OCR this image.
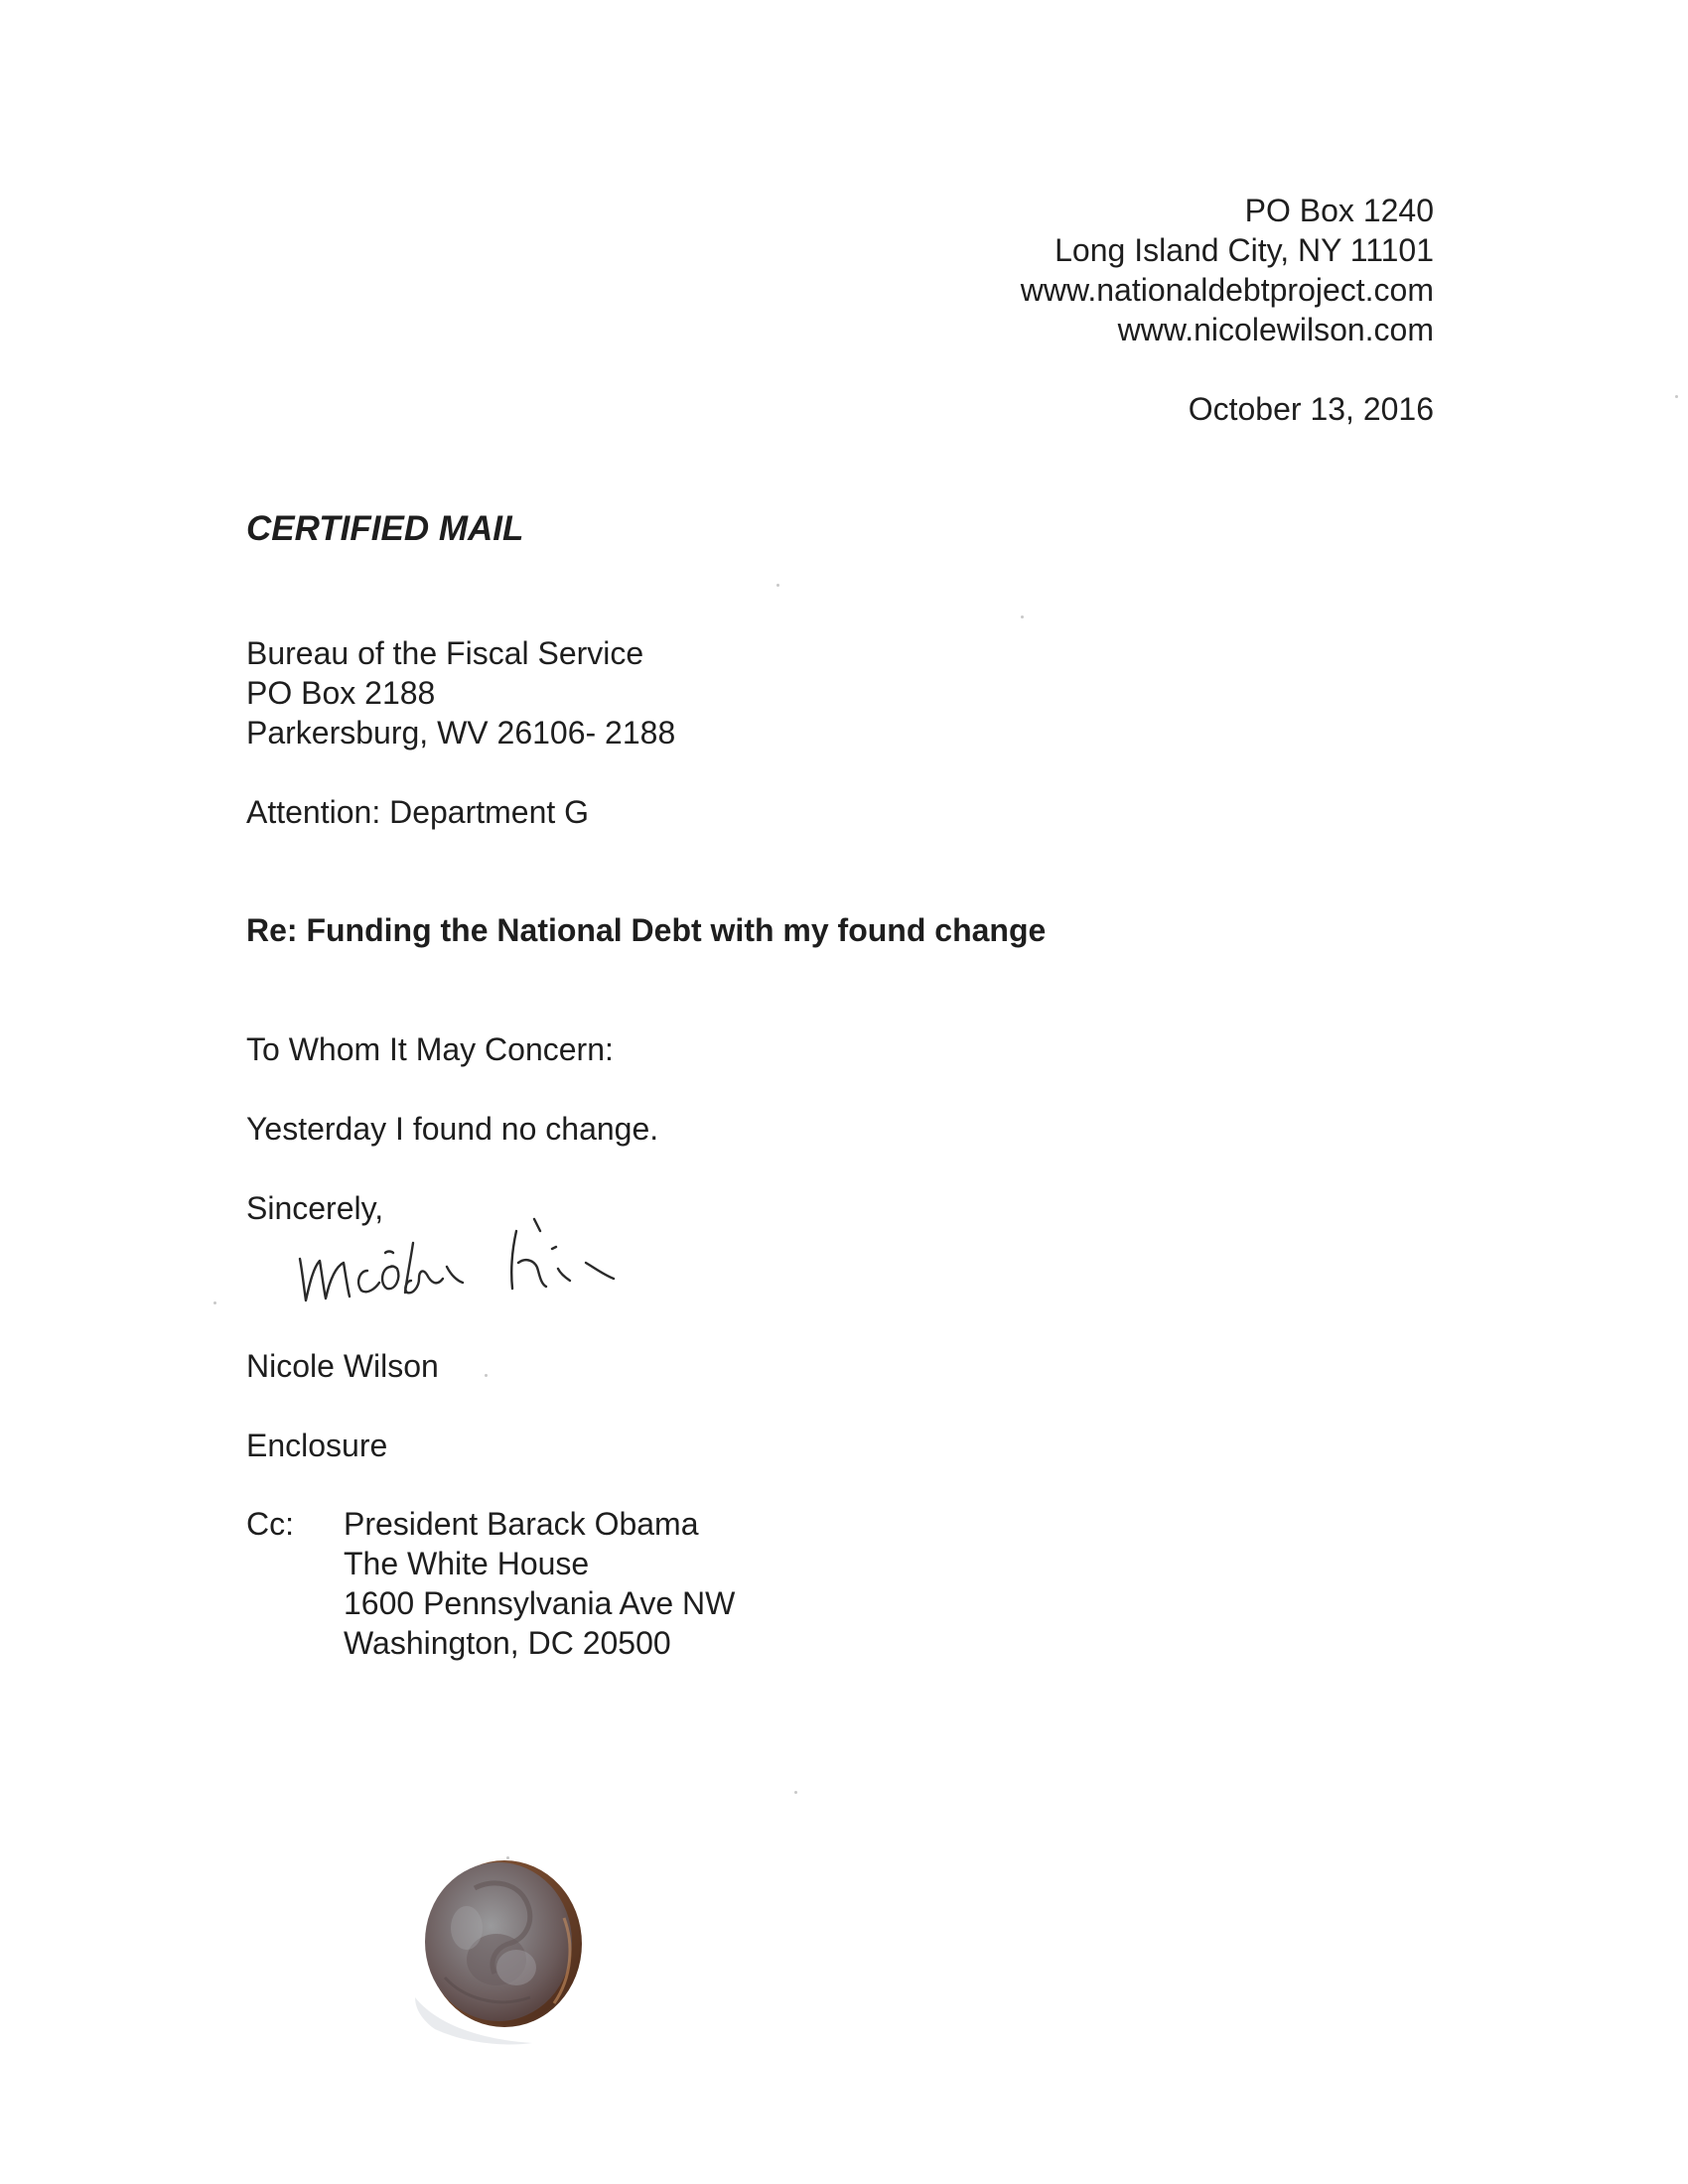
PO Box 1240
Long Island City, NY 11101
www.nationaldebtproject.com
www.nicolewilson.com
October 13, 2016

CERTIFIED MAIL

Bureau of the Fiscal Service
PO Box 2188
Parkersburg, WV 26106- 2188

Attention: Department G

Re: Funding the National Debt with my found change

To Whom It May Concern:

Yesterday I found no change.

Sincerely,

Nicole Wilson

Enclosure

Cc: President Barack Obama
The White House
1600 Pennsylvania Ave NW
Washington, DC 20500
